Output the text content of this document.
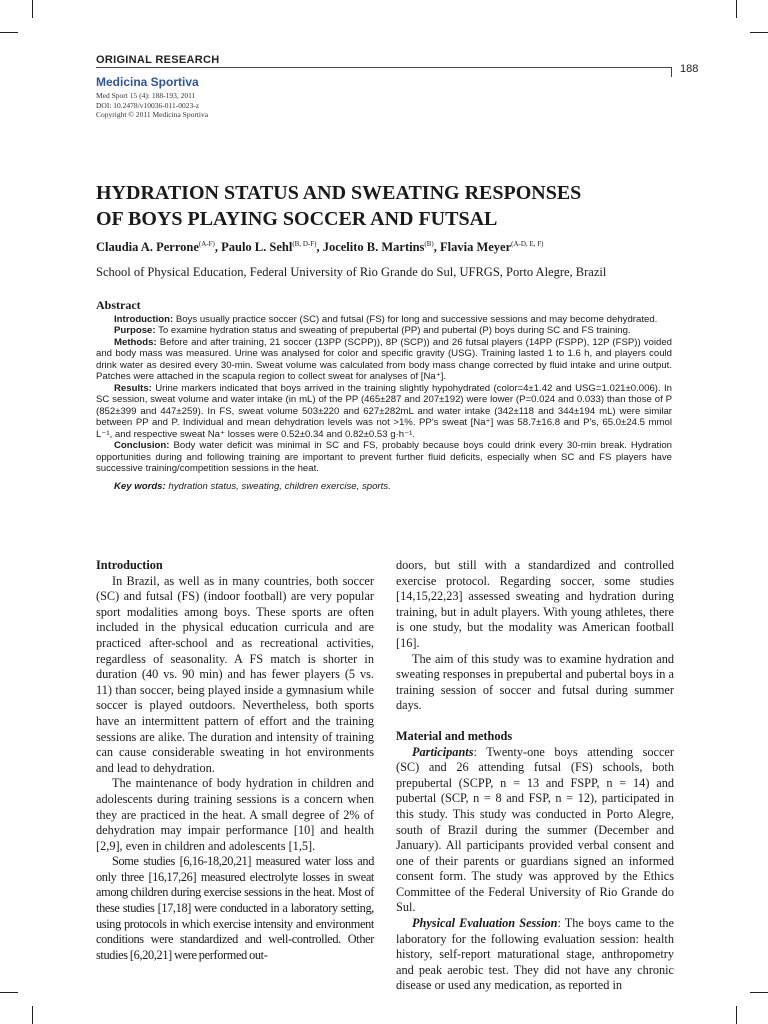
ORIGINAL RESEARCH
188
Medicina Sportiva
Med Sport 15 (4): 188-193, 2011
DOI: 10.2478/v10036-011-0023-z
Copyright © 2011 Medicina Sportiva
HYDRATION STATUS AND SWEATING RESPONSES
OF BOYS PLAYING SOCCER AND FUTSAL
Claudia A. Perrone$^{(A-F)}$, Paulo L. Sehl$^{(B, D-F)}$, Jocelito B. Martins$^{(B)}$, Flavia Meyer$^{(A-D, E, F)}$
School of Physical Education, Federal University of Rio Grande do Sul, UFRGS, Porto Alegre, Brazil
Abstract

Introduction: Boys usually practice soccer (SC) and futsal (FS) for long and successive sessions and may become dehydrated.

Purpose: To examine hydration status and sweating of prepubertal (PP) and pubertal (P) boys during SC and FS training.

Methods: Before and after training, 21 soccer (13PP (SCPP)), 8P (SCP)) and 26 futsal players (14PP (FSPP), 12P (FSP)) voided and body mass was measured. Urine was analysed for color and specific gravity (USG). Training lasted 1 to 1.6 h, and players could drink water as desired every 30-min. Sweat volume was calculated from body mass change corrected by fluid intake and urine output. Patches were attached in the scapula region to collect sweat for analyses of [Na⁺].

Results: Urine markers indicated that boys arrived in the training slightly hypohydrated (color=4±1.42 and USG=1.021±0.006). In SC session, sweat volume and water intake (in mL) of the PP (465±287 and 207±192) were lower (P=0.024 and 0.033) than those of P (852±399 and 447±259). In FS, sweat volume 503±220 and 627±282mL and water intake (342±118 and 344±194 mL) were similar between PP and P. Individual and mean dehydration levels was not >1%. PP's sweat [Na⁺] was 58.7±16.8 and P's, 65.0±24.5 mmol L⁻¹, and respective sweat Na⁺ losses were 0.52±0.34 and 0.82±0.53 g·h⁻¹.

Conclusion: Body water deficit was minimal in SC and FS, probably because boys could drink every 30-min break. Hydration opportunities during and following training are important to prevent further fluid deficits, especially when SC and FS players have successive training/competition sessions in the heat.

Key words: hydration status, sweating, children exercise, sports.

Introduction

In Brazil, as well as in many countries, both soccer (SC) and futsal (FS) (indoor football) are very popular sport modalities among boys. These sports are often included in the physical education curricula and are practiced after-school and as recreational activities, regardless of seasonality. A FS match is shorter in duration (40 vs. 90 min) and has fewer players (5 vs. 11) than soccer, being played inside a gymnasium while soccer is played outdoors. Nevertheless, both sports have an intermittent pattern of effort and the training sessions are alike. The duration and intensity of training can cause considerable sweating in hot environments and lead to dehydration.

The maintenance of body hydration in children and adolescents during training sessions is a concern when they are practiced in the heat. A small degree of 2% of dehydration may impair performance [10] and health [2,9], even in children and adolescents [1,5].

Some studies [6,16-18,20,21] measured water loss and only three [16,17,26] measured electrolyte losses in sweat among children during exercise sessions in the heat. Most of these studies [17,18] were conducted in a laboratory setting, using protocols in which exercise intensity and environment conditions were standardized and well-controlled. Other studies [6,20,21] were performed out-

doors, but still with a standardized and controlled exercise protocol. Regarding soccer, some studies [14,15,22,23] assessed sweating and hydration during training, but in adult players. With young athletes, there is one study, but the modality was American football [16].

The aim of this study was to examine hydration and sweating responses in prepubertal and pubertal boys in a training session of soccer and futsal during summer days.

Material and methods

Participants: Twenty-one boys attending soccer (SC) and 26 attending futsal (FS) schools, both prepubertal (SCPP, n = 13 and FSPP, n = 14) and pubertal (SCP, n = 8 and FSP, n = 12), participated in this study. This study was conducted in Porto Alegre, south of Brazil during the summer (December and January). All participants provided verbal consent and one of their parents or guardians signed an informed consent form. The study was approved by the Ethics Committee of the Federal University of Rio Grande do Sul.

Physical Evaluation Session: The boys came to the laboratory for the following evaluation session: health history, self-report maturational stage, anthropometry and peak aerobic test. They did not have any chronic disease or used any medication, as reported in
